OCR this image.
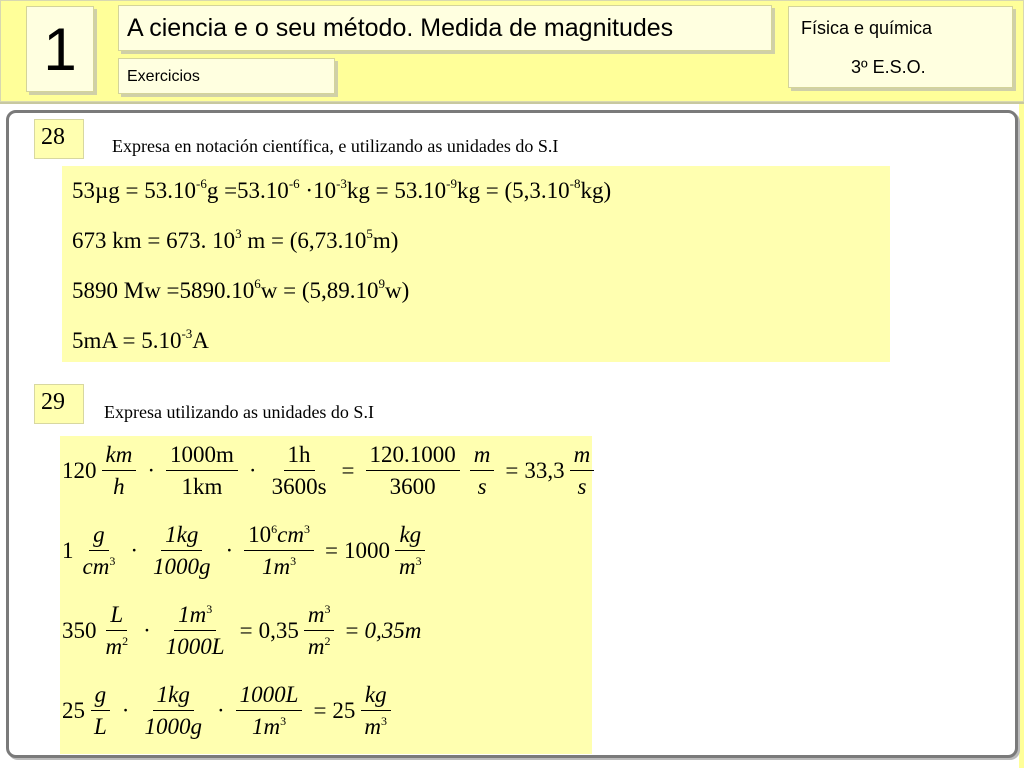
1	A ciencia e o seu método. Medida de magnitudes
Exercicios
Física e química
3º E.S.O.
28	Expresa en notación científica, e utilizando as unidades do S.I
$53\mu g = 53.10^{-6}g =53.10^{-6} \cdot 10^{-3}kg = 53.10^{-9}kg = (5,3.10^{-8}kg)$
673 km = 673. $10^3$ $m = (6,73.10^5m)$
5890 $Mw =5890.10^6w = (5,89.10^9w)$
$5mA = 5.10^{-3}A$
29	Expresa utilizando as unidades do S.I
$120 \frac{km}{h} \cdot \frac{1000m}{1km} \cdot \frac{1h}{3600s} = \frac{120.1000}{3600} \frac{m}{s} = 33,3 \frac{m}{s}$
$1 \frac{g}{cm^3} \cdot \frac{1kg}{1000g} \cdot \frac{10^6cm^3}{1m^3} = 1000 \frac{kg}{m^3}$
$350 \frac{L}{m^2} \cdot \frac{1m^3}{1000L} = 0,35 \frac{m^3}{m^2} = 0,35m$
$25 \frac{g}{L} \cdot \frac{1kg}{1000g} \cdot \frac{1000L}{1m^3} = 25 \frac{kg}{m^3}$
